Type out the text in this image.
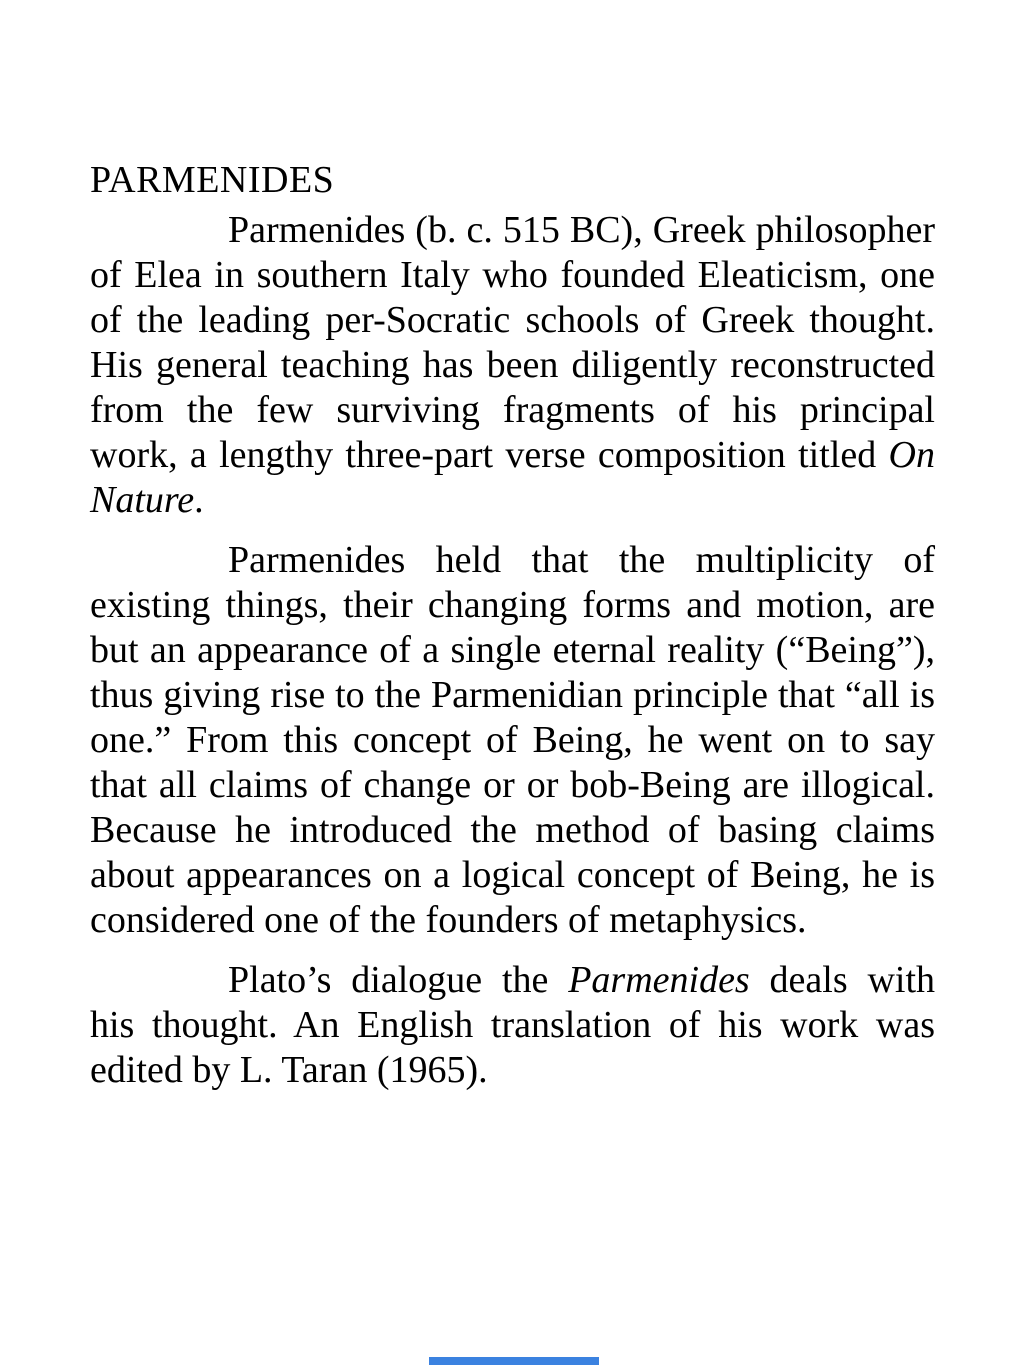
PARMENIDES
Parmenides (b. c. 515 BC), Greek philosopher
of Elea in southern Italy who founded Eleaticism, one
of the leading per-Socratic schools of Greek thought.
His general teaching has been diligently reconstructed
from the few surviving fragments of his principal
work, a lengthy three-part verse composition titled On
Nature.
Parmenides held that the multiplicity of
existing things, their changing forms and motion, are
but an appearance of a single eternal reality (“Being”),
thus giving rise to the Parmenidian principle that “all is
one.” From this concept of Being, he went on to say
that all claims of change or or bob-Being are illogical.
Because he introduced the method of basing claims
about appearances on a logical concept of Being, he is
considered one of the founders of metaphysics.
Plato’s dialogue the Parmenides deals with
his thought. An English translation of his work was
edited by L. Taran (1965).
